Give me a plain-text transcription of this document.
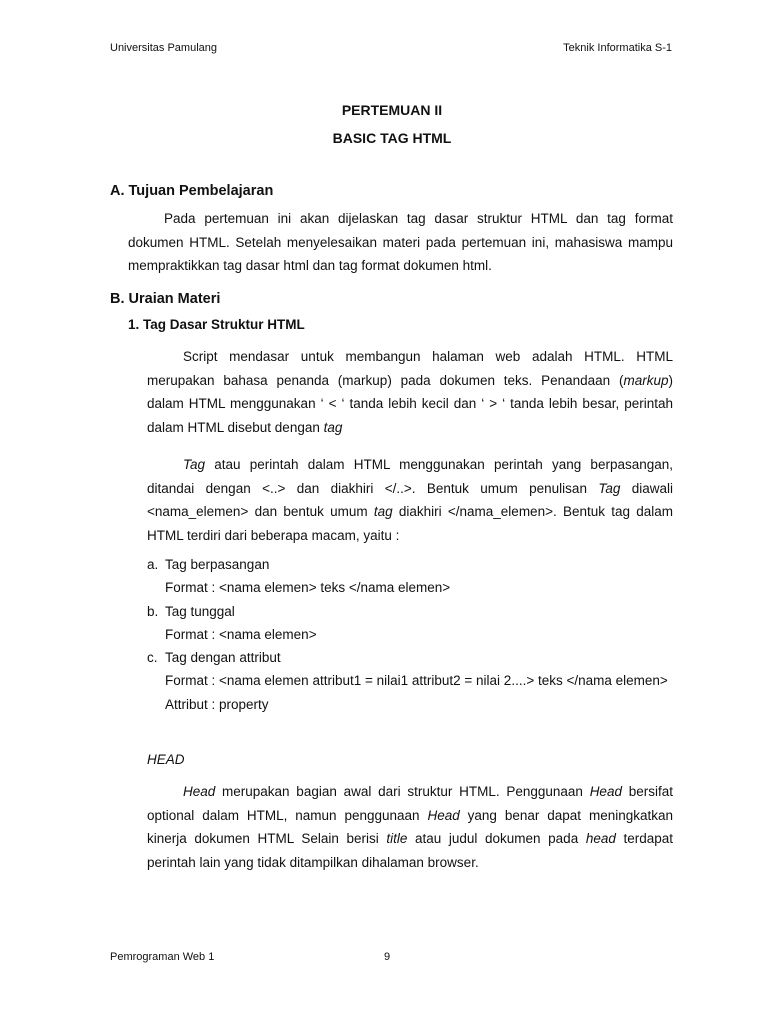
Universitas Pamulang	Teknik Informatika S-1
PERTEMUAN II
BASIC TAG HTML
A. Tujuan Pembelajaran

Pada pertemuan ini akan dijelaskan tag dasar struktur HTML dan tag format dokumen HTML. Setelah menyelesaikan materi pada pertemuan ini, mahasiswa mampu mempraktikkan tag dasar html dan tag format dokumen html.

B. Uraian Materi
1. Tag Dasar Struktur HTML

Script mendasar untuk membangun halaman web adalah HTML. HTML merupakan bahasa penanda (markup) pada dokumen teks. Penandaan (markup) dalam HTML menggunakan ‘ < ‘ tanda lebih kecil dan ‘ > ‘ tanda lebih besar, perintah dalam HTML disebut dengan tag

Tag atau perintah dalam HTML menggunakan perintah yang berpasangan, ditandai dengan <..> dan diakhiri </..>. Bentuk umum penulisan Tag diawali <nama_elemen> dan bentuk umum tag diakhiri </nama_elemen>. Bentuk tag dalam HTML terdiri dari beberapa macam, yaitu :

a. Tag berpasangan
Format : <nama elemen> teks </nama elemen>
b. Tag tunggal
Format : <nama elemen>
c. Tag dengan attribut
Format : <nama elemen attribut1 = nilai1 attribut2 = nilai 2....> teks </nama elemen>
Attribut : property
HEAD

Head merupakan bagian awal dari struktur HTML. Penggunaan Head bersifat optional dalam HTML, namun penggunaan Head yang benar dapat meningkatkan kinerja dokumen HTML Selain berisi title atau judul dokumen pada head terdapat perintah lain yang tidak ditampilkan dihalaman browser.

Pemrograman Web 1	9
